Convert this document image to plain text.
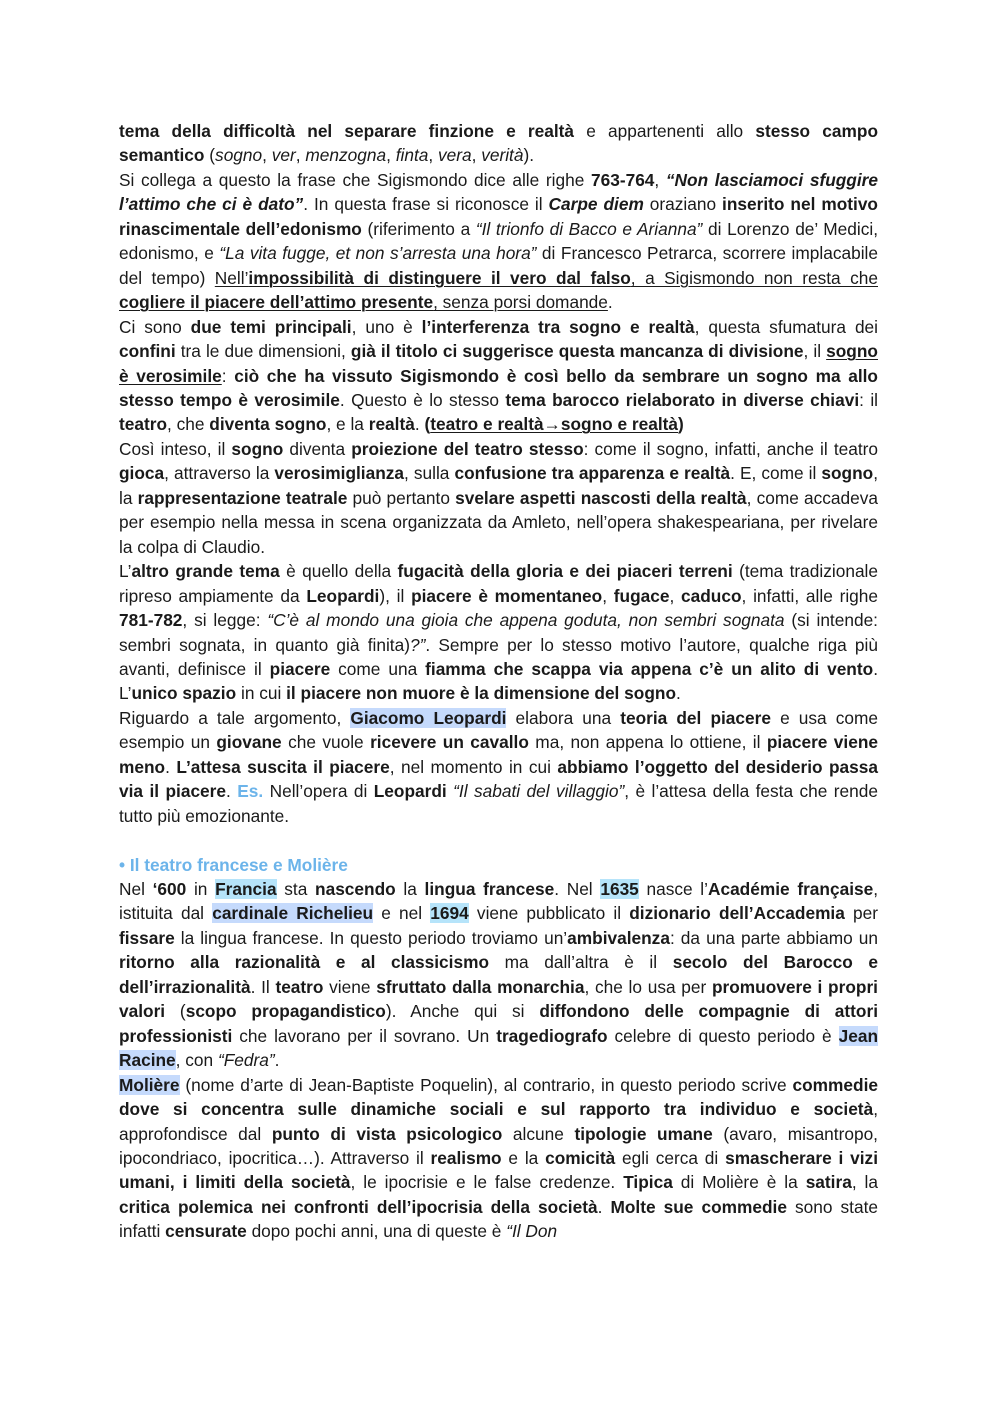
tema della difficoltà nel separare finzione e realtà e appartenenti allo stesso campo semantico (sogno, ver, menzogna, finta, vera, verità).

Si collega a questo la frase che Sigismondo dice alle righe 763-764, “Non lasciamoci sfuggire l’attimo che ci è dato”. In questa frase si riconosce il Carpe diem oraziano inserito nel motivo rinascimentale dell’edonismo (riferimento a “Il trionfo di Bacco e Arianna” di Lorenzo de’ Medici, edonismo, e “La vita fugge, et non s’arresta una hora” di Francesco Petrarca, scorrere implacabile del tempo) Nell’impossibilità di distinguere il vero dal falso, a Sigismondo non resta che cogliere il piacere dell’attimo presente, senza porsi domande.

Ci sono due temi principali, uno è l’interferenza tra sogno e realtà, questa sfumatura dei confini tra le due dimensioni, già il titolo ci suggerisce questa mancanza di divisione, il sogno è verosimile: ciò che ha vissuto Sigismondo è così bello da sembrare un sogno ma allo stesso tempo è verosimile. Questo è lo stesso tema barocco rielaborato in diverse chiavi: il teatro, che diventa sogno, e la realtà. (teatro e realtà→sogno e realtà)

Così inteso, il sogno diventa proiezione del teatro stesso: come il sogno, infatti, anche il teatro gioca, attraverso la verosimiglianza, sulla confusione tra apparenza e realtà. E, come il sogno, la rappresentazione teatrale può pertanto svelare aspetti nascosti della realtà, come accadeva per esempio nella messa in scena organizzata da Amleto, nell’opera shakespeariana, per rivelare la colpa di Claudio.

L’altro grande tema è quello della fugacità della gloria e dei piaceri terreni (tema tradizionale ripreso ampiamente da Leopardi), il piacere è momentaneo, fugace, caduco, infatti, alle righe 781-782, si legge: “C’è al mondo una gioia che appena goduta, non sembri sognata (si intende: sembri sognata, in quanto già finita)?”. Sempre per lo stesso motivo l’autore, qualche riga più avanti, definisce il piacere come una fiamma che scappa via appena c’è un alito di vento. L’unico spazio in cui il piacere non muore è la dimensione del sogno.

Riguardo a tale argomento, Giacomo Leopardi elabora una teoria del piacere e usa come esempio un giovane che vuole ricevere un cavallo ma, non appena lo ottiene, il piacere viene meno. L’attesa suscita il piacere, nel momento in cui abbiamo l’oggetto del desiderio passa via il piacere. Es. Nell’opera di Leopardi “Il sabati del villaggio”, è l’attesa della festa che rende tutto più emozionante.

• Il teatro francese e Molière

Nel ‘600 in Francia sta nascendo la lingua francese. Nel 1635 nasce l’Académie française, istituita dal cardinale Richelieu e nel 1694 viene pubblicato il dizionario dell’Accademia per fissare la lingua francese. In questo periodo troviamo un’ambivalenza: da una parte abbiamo un ritorno alla razionalità e al classicismo ma dall’altra è il secolo del Barocco e dell’irrazionalità. Il teatro viene sfruttato dalla monarchia, che lo usa per promuovere i propri valori (scopo propagandistico). Anche qui si diffondono delle compagnie di attori professionisti che lavorano per il sovrano. Un tragediografo celebre di questo periodo è Jean Racine, con “Fedra”.

Molière (nome d’arte di Jean-Baptiste Poquelin), al contrario, in questo periodo scrive commedie dove si concentra sulle dinamiche sociali e sul rapporto tra individuo e società, approfondisce dal punto di vista psicologico alcune tipologie umane (avaro, misantropo, ipocondriaco, ipocritica…). Attraverso il realismo e la comicità egli cerca di smascherare i vizi umani, i limiti della società, le ipocrisie e le false credenze. Tipica di Molière è la satira, la critica polemica nei confronti dell’ipocrisia della società. Molte sue commedie sono state infatti censurate dopo pochi anni, una di queste è “Il Don
